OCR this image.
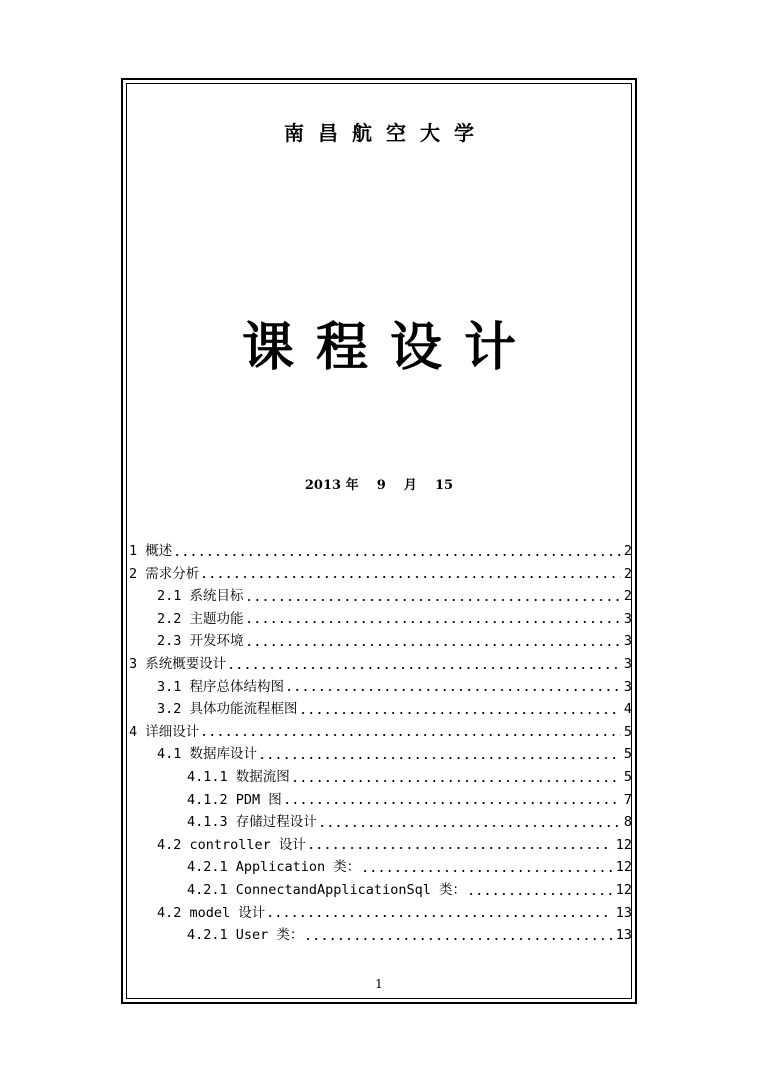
南昌航空大学
课程设计
2013 年 9 月 15
1 概述	2
2 需求分析	2
2.1 系统目标	2
2.2 主题功能	3
2.3 开发环境	3
3 系统概要设计	3
3.1 程序总体结构图	3
3.2 具体功能流程框图	4
4 详细设计	5
4.1 数据库设计	5
4.1.1 数据流图	5
4.1.2 PDM 图	7
4.1.3 存储过程设计	8
4.2 controller 设计	12
4.2.1 Application 类：	12
4.2.1 ConnectandApplicationSql 类：	12
4.2 model 设计	13
4.2.1 User 类：	13
1
